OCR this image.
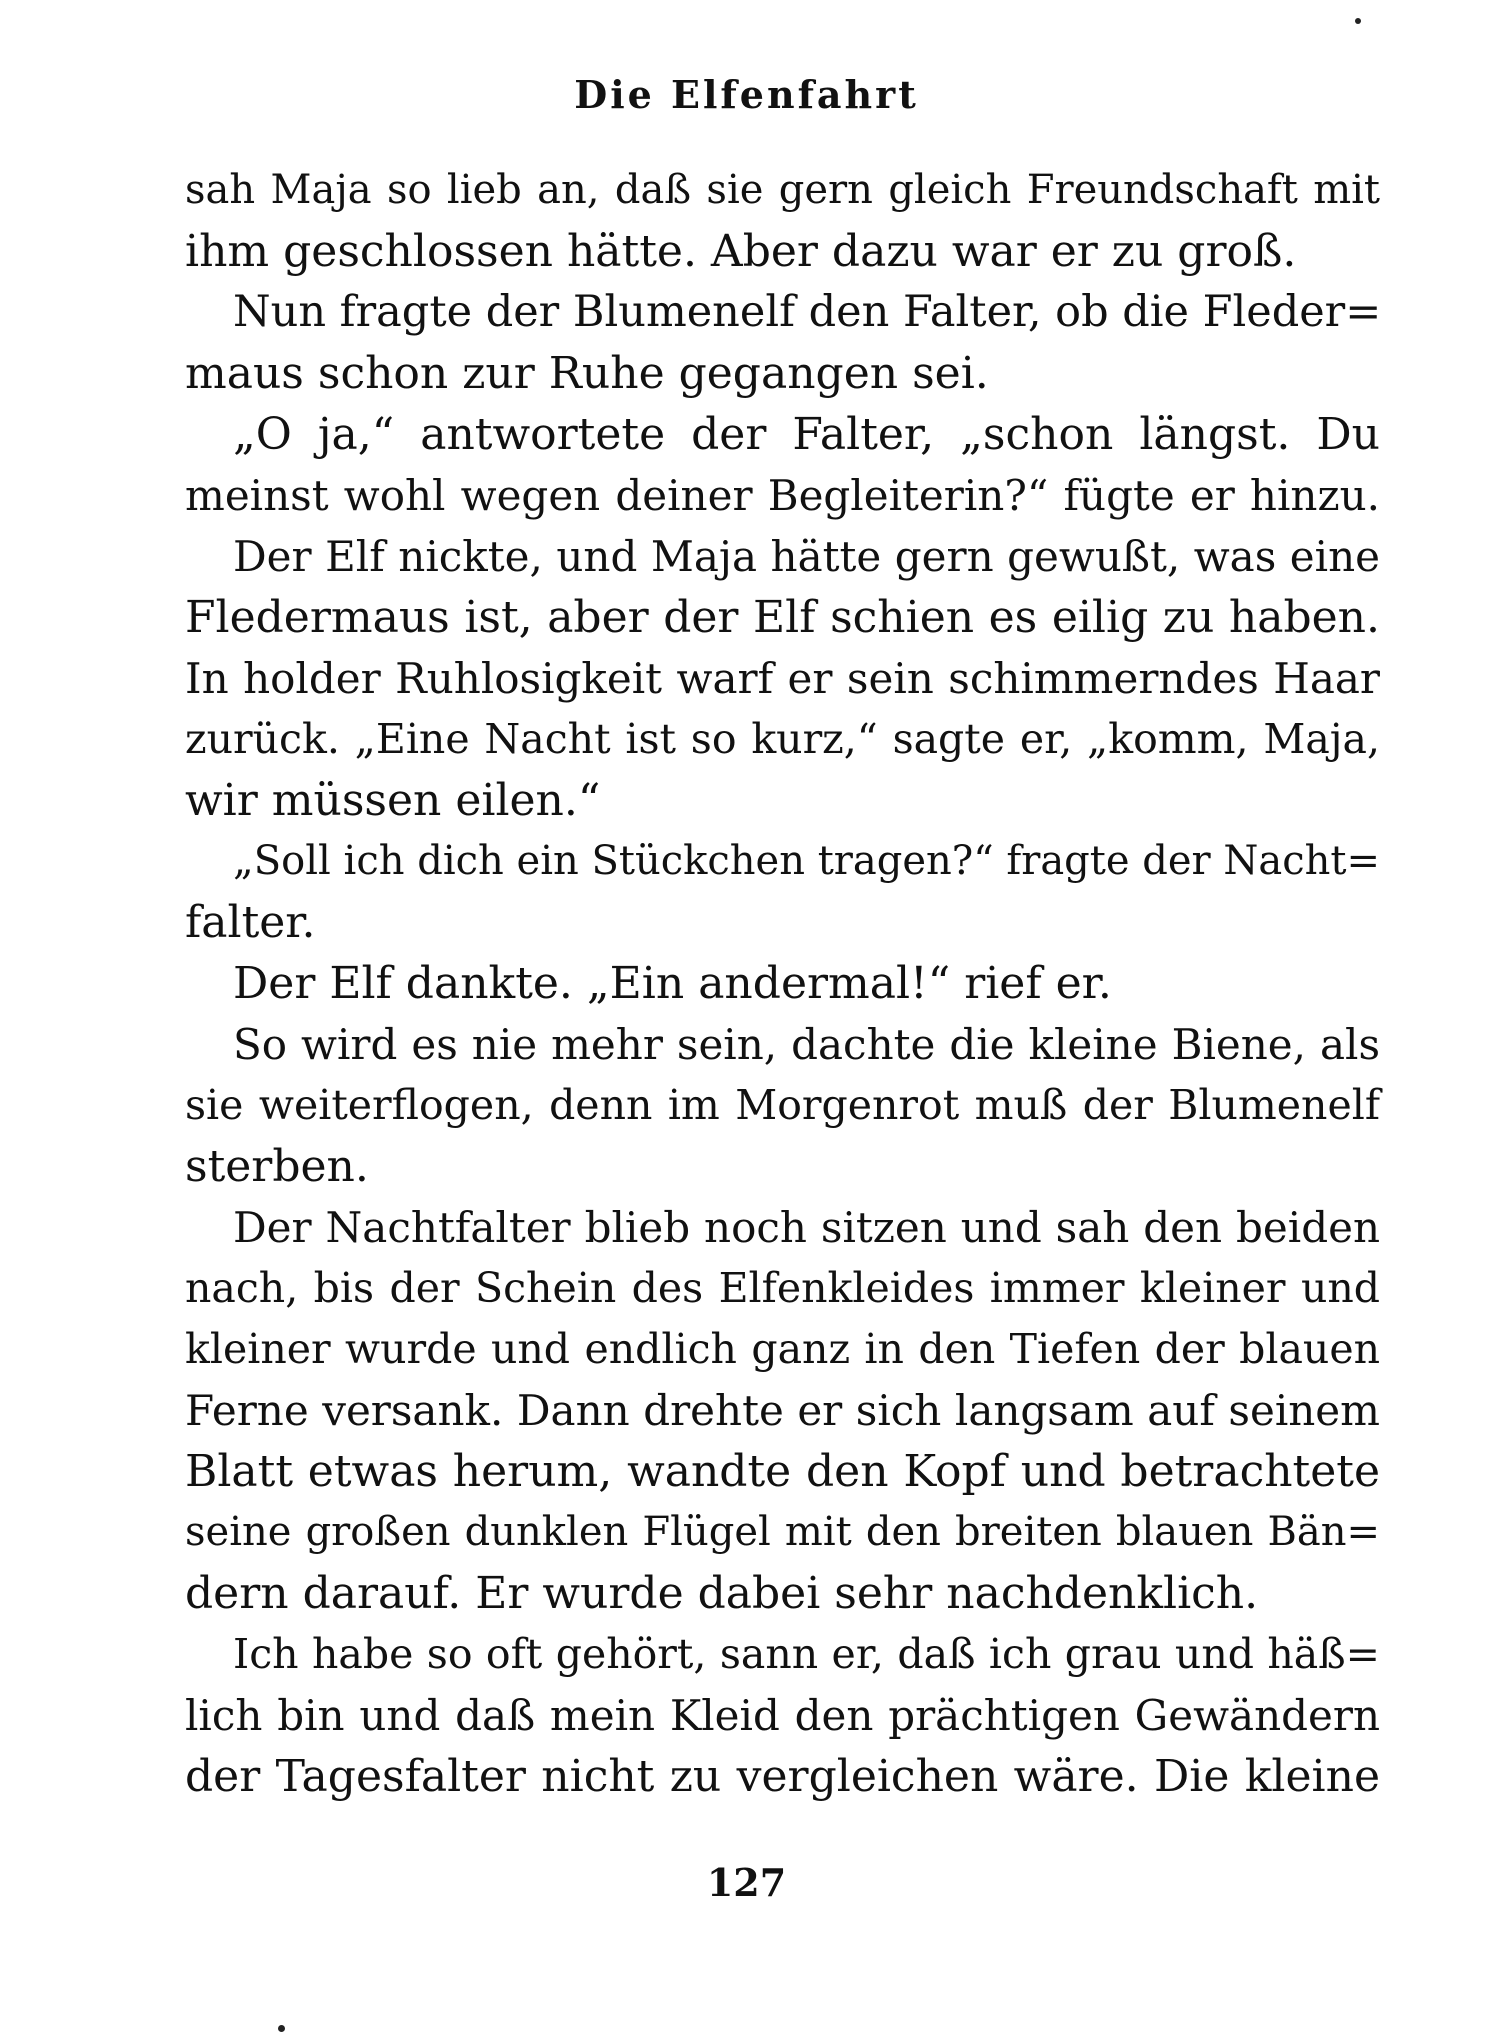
Die Elfenfahrt
sah Maja so lieb an, daß sie gern gleich Freundschaft mit
ihm geschlossen hätte. Aber dazu war er zu groß.
Nun fragte der Blumenelf den Falter, ob die Fleder=
maus schon zur Ruhe gegangen sei.
„O ja,“ antwortete der Falter, „schon längst. Du
meinst wohl wegen deiner Begleiterin?“ fügte er hinzu.
Der Elf nickte, und Maja hätte gern gewußt, was eine
Fledermaus ist, aber der Elf schien es eilig zu haben.
In holder Ruhlosigkeit warf er sein schimmerndes Haar
zurück. „Eine Nacht ist so kurz,“ sagte er, „komm, Maja,
wir müssen eilen.“
„Soll ich dich ein Stückchen tragen?“ fragte der Nacht=
falter.
Der Elf dankte. „Ein andermal!“ rief er.
So wird es nie mehr sein, dachte die kleine Biene, als
sie weiterflogen, denn im Morgenrot muß der Blumenelf
sterben.
Der Nachtfalter blieb noch sitzen und sah den beiden
nach, bis der Schein des Elfenkleides immer kleiner und
kleiner wurde und endlich ganz in den Tiefen der blauen
Ferne versank. Dann drehte er sich langsam auf seinem
Blatt etwas herum, wandte den Kopf und betrachtete
seine großen dunklen Flügel mit den breiten blauen Bän=
dern darauf. Er wurde dabei sehr nachdenklich.
Ich habe so oft gehört, sann er, daß ich grau und häß=
lich bin und daß mein Kleid den prächtigen Gewändern
der Tagesfalter nicht zu vergleichen wäre. Die kleine
127
